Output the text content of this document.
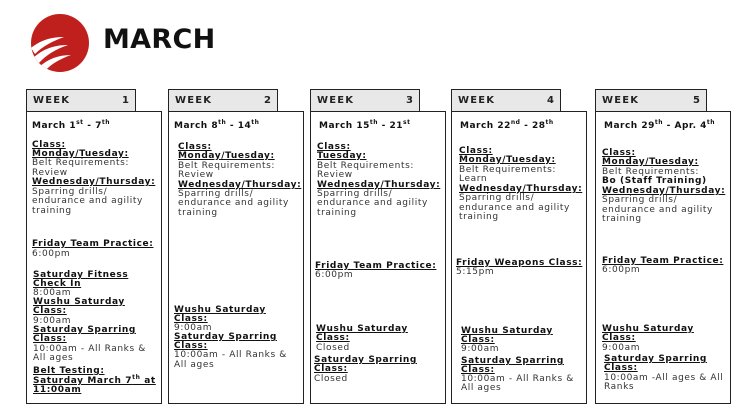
MARCH
WEEK	1
March 1st - 7th
Class:
Monday/Tuesday:
Belt Requirements:
Review
Wednesday/Thursday:
Sparring drills/
endurance and agility
training
Friday Team Practice:
6:00pm
Saturday Fitness
Check In
8:00am
Wushu Saturday
Class:
9:00am
Saturday Sparring
Class:
10:00am - All Ranks &
All ages
Belt Testing:
Saturday March 7th at
11:00am
WEEK	2
March 8th - 14th
Class:
Monday/Tuesday:
Belt Requirements:
Review
Wednesday/Thursday:
Sparring drills/
endurance and agility
training
Wushu Saturday
Class:
9:00am
Saturday Sparring
Class:
10:00am - All Ranks &
All ages
WEEK	3
March 15th - 21st
Class:
Tuesday:
Belt Requirements:
Review
Wednesday/Thursday:
Sparring drills/
endurance and agility
training
Friday Team Practice:
6:00pm
Wushu Saturday
Class:
Closed
Saturday Sparring
Class:
Closed
WEEK	4
March 22nd - 28th
Class:
Monday/Tuesday:
Belt Requirements:
Learn
Wednesday/Thursday:
Sparring drills/
endurance and agility
training
Friday Weapons Class:
5:15pm
Wushu Saturday
Class:
9:00am
Saturday Sparring
Class:
10:00am - All Ranks &
All ages
WEEK	5
March 29th - Apr. 4th
Class:
Monday/Tuesday:
Belt Requirements:
Bo (Staff Training)
Wednesday/Thursday:
Sparring drills/
endurance and agility
training
Friday Team Practice:
6:00pm
Wushu Saturday
Class:
9:00am
Saturday Sparring
Class:
10:00am -All ages & All
Ranks
